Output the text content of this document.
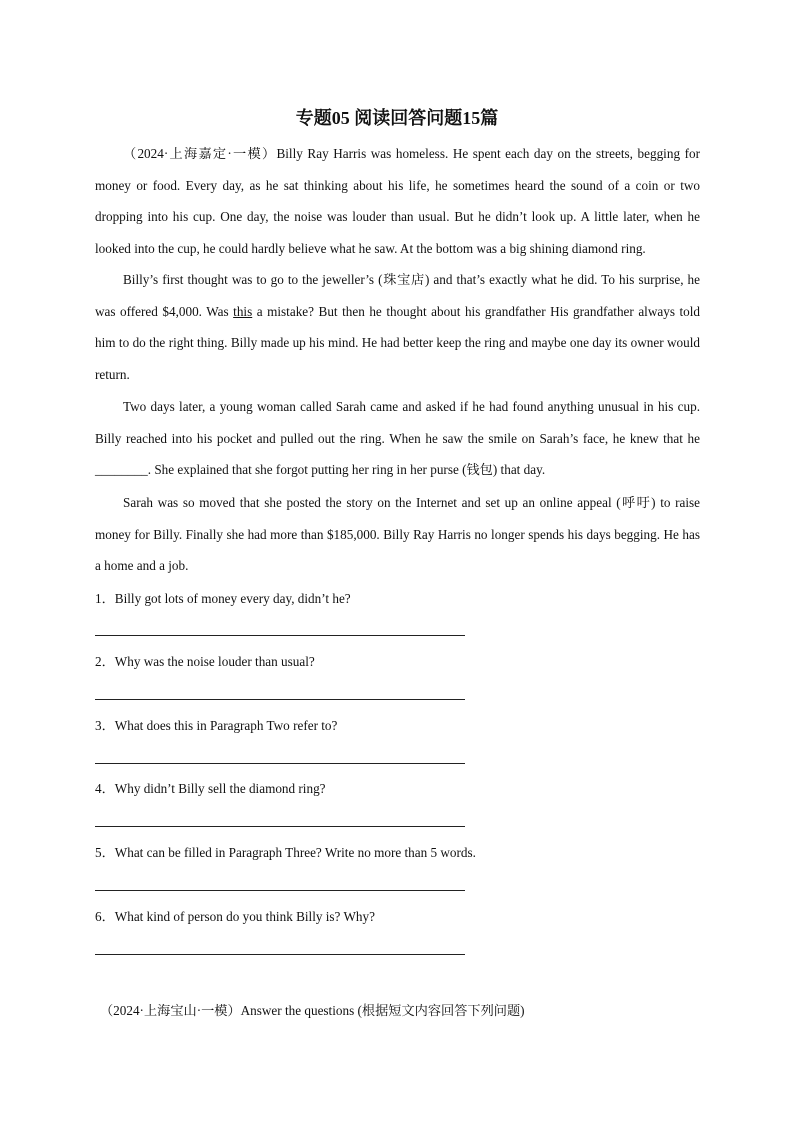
专题05 阅读回答问题15篇

（2024·上海嘉定·一模）Billy Ray Harris was homeless. He spent each day on the streets, begging for money or food. Every day, as he sat thinking about his life, he sometimes heard the sound of a coin or two dropping into his cup. One day, the noise was louder than usual. But he didn’t look up. A little later, when he looked into the cup, he could hardly believe what he saw. At the bottom was a big shining diamond ring.

Billy’s first thought was to go to the jeweller’s (珠宝店) and that’s exactly what he did. To his surprise, he was offered $4,000. Was this a mistake? But then he thought about his grandfather His grandfather always told him to do the right thing. Billy made up his mind. He had better keep the ring and maybe one day its owner would return.

Two days later, a young woman called Sarah came and asked if he had found anything unusual in his cup. Billy reached into his pocket and pulled out the ring. When he saw the smile on Sarah’s face, he knew that he ________. She explained that she forgot putting her ring in her purse (钱包) that day.

Sarah was so moved that she posted the story on the Internet and set up an online appeal (呼吁) to raise money for Billy. Finally she had more than $185,000. Billy Ray Harris no longer spends his days begging. He has a home and a job.

1．Billy got lots of money every day, didn’t he?
2．Why was the noise louder than usual?
3．What does this in Paragraph Two refer to?
4．Why didn’t Billy sell the diamond ring?
5．What can be filled in Paragraph Three? Write no more than 5 words.
6．What kind of person do you think Billy is? Why?
（2024·上海宝山·一模）Answer the questions (根据短文内容回答下列问题)
